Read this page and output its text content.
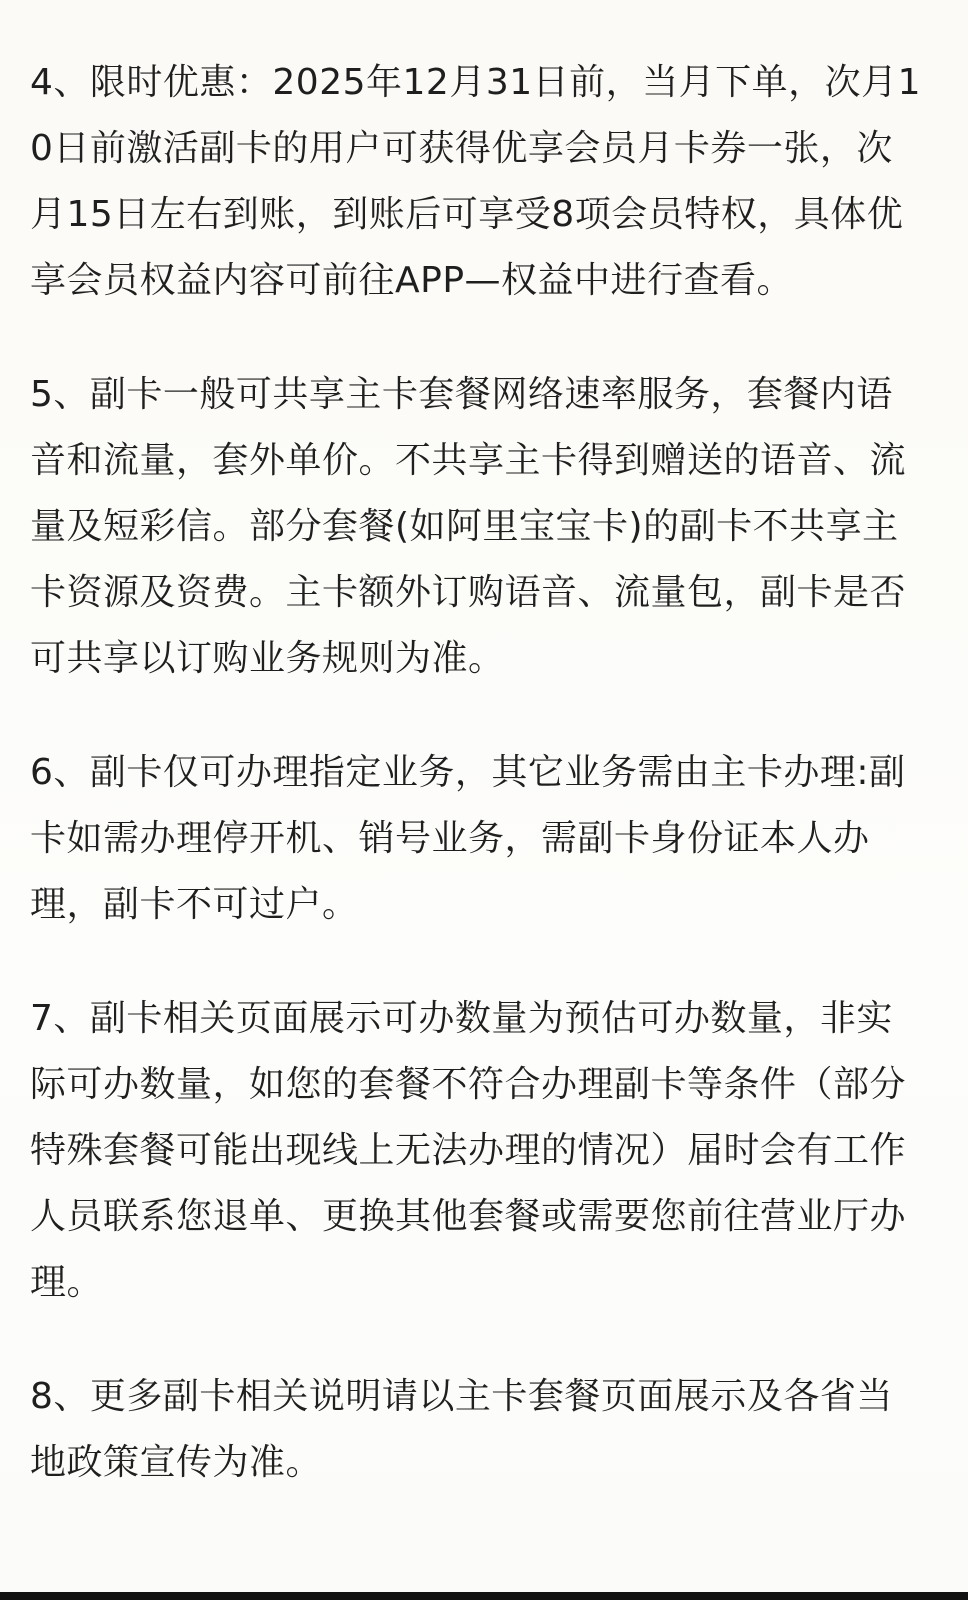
4、限时优惠：2025年12月31日前，当月下单，次月10日前激活副卡的用户可获得优享会员月卡券一张，次月15日左右到账，到账后可享受8项会员特权，具体优享会员权益内容可前往APP—权益中进行查看。

5、副卡一般可共享主卡套餐网络速率服务，套餐内语音和流量，套外单价。不共享主卡得到赠送的语音、流量及短彩信。部分套餐(如阿里宝宝卡)的副卡不共享主卡资源及资费。主卡额外订购语音、流量包，副卡是否可共享以订购业务规则为准。

6、副卡仅可办理指定业务，其它业务需由主卡办理:副卡如需办理停开机、销号业务，需副卡身份证本人办理，副卡不可过户。

7、副卡相关页面展示可办数量为预估可办数量，非实际可办数量，如您的套餐不符合办理副卡等条件（部分特殊套餐可能出现线上无法办理的情况）届时会有工作人员联系您退单、更换其他套餐或需要您前往营业厅办理。

8、更多副卡相关说明请以主卡套餐页面展示及各省当地政策宣传为准。
